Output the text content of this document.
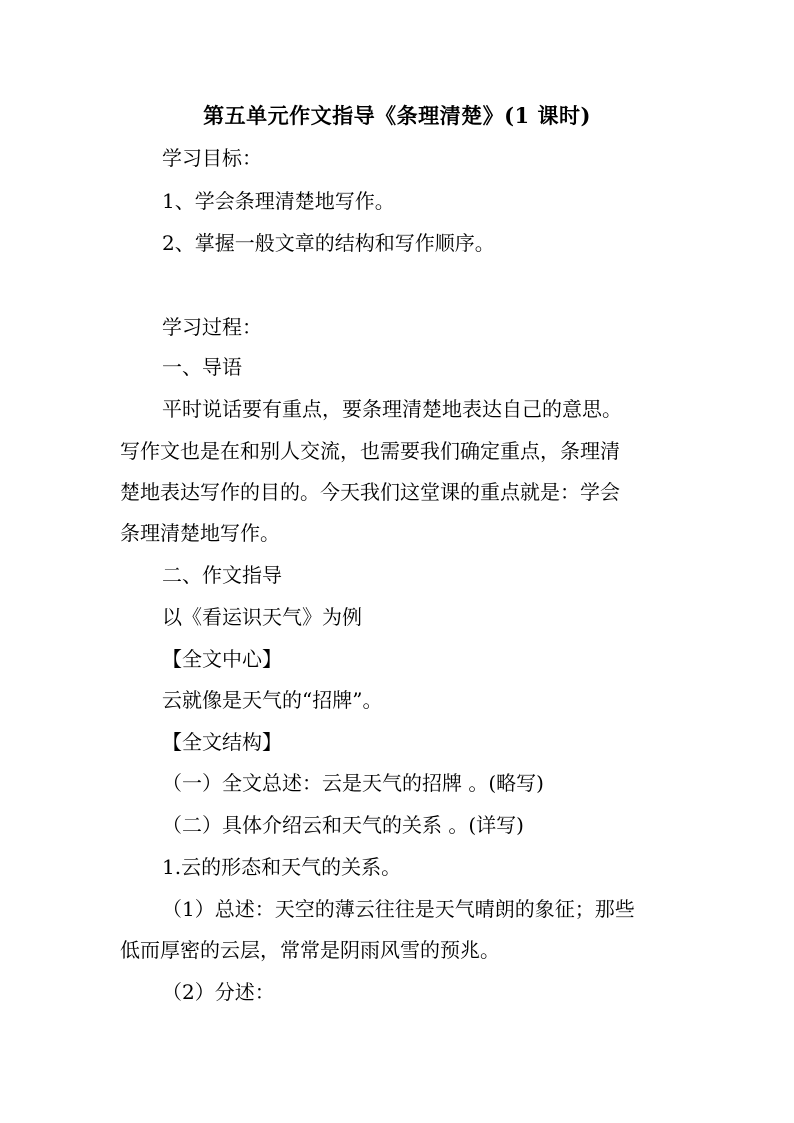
第五单元作文指导《条理清楚》(1 课时)
学习目标：
1、学会条理清楚地写作。
2、掌握一般文章的结构和写作顺序。
学习过程：
一、导语
平时说话要有重点，要条理清楚地表达自己的意思。
写作文也是在和别人交流，也需要我们确定重点，条理清
楚地表达写作的目的。今天我们这堂课的重点就是：学会
条理清楚地写作。
二、作文指导
以《看运识天气》为例
【全文中心】
云就像是天气的“招牌”。
【全文结构】
（一）全文总述：云是天气的招牌 。(略写)
（二）具体介绍云和天气的关系 。(详写)
1.云的形态和天气的关系。
（1）总述：天空的薄云往往是天气晴朗的象征；那些
低而厚密的云层，常常是阴雨风雪的预兆。
（2）分述：
